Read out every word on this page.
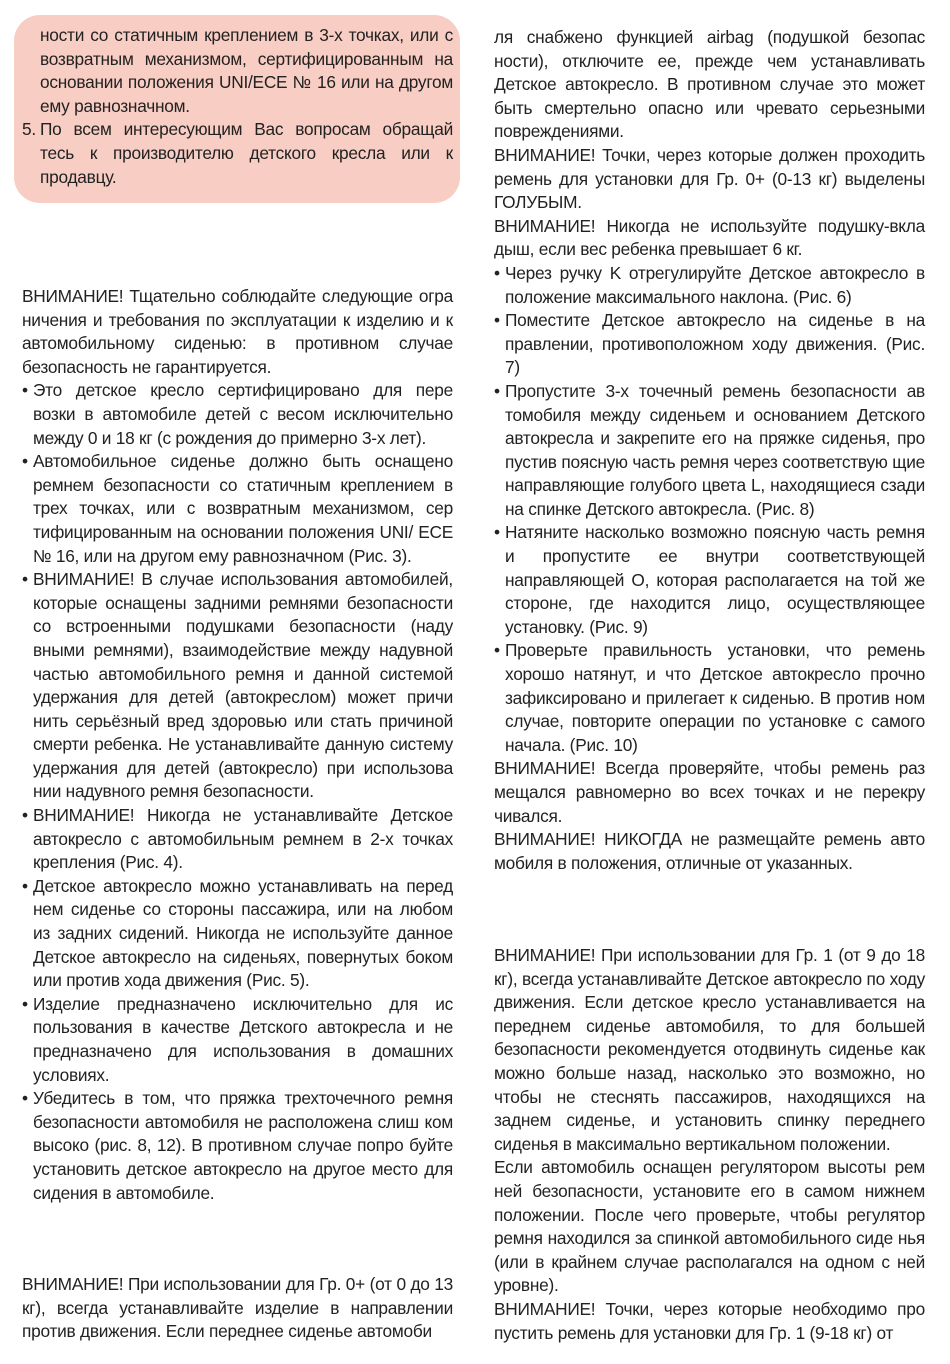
ности со статичным креплением в 3-х точках, или с возвратным механизмом, сертифицированным на основании положения UNI/ECE № 16 или на другом ему равнозначном.

5. По всем интересующим Вас вопросам обращай тесь к производителю детского кресла или к продавцу.

ВНИМАНИЕ! Тщательно соблюдайте следующие огра ничения и требования по эксплуатации к изделию и к автомобильному сиденью: в противном случае безопасность не гарантируется.

• Это детское кресло сертифицировано для пере возки в автомобиле детей с весом исключительно между 0 и 18 кг (с рождения до примерно 3-х лет).

• Автомобильное сиденье должно быть оснащено ремнем безопасности со статичным креплением в трех точках, или с возвратным механизмом, сер тифицированным на основании положения UNI/ ECE № 16, или на другом ему равнозначном (Рис. 3).

• ВНИМАНИЕ! В случае использования автомобилей, которые оснащены задними ремнями безопасности со встроенными подушками безопасности (наду вными ремнями), взаимодействие между надувной частью автомобильного ремня и данной системой удержания для детей (автокреслом) может причи нить серьёзный вред здоровью или стать причиной смерти ребенка. Не устанавливайте данную систему удержания для детей (автокресло) при использова нии надувного ремня безопасности.

• ВНИМАНИЕ! Никогда не устанавливайте Детское автокресло с автомобильным ремнем в 2-х точках крепления (Рис. 4).

• Детское автокресло можно устанавливать на перед нем сиденье со стороны пассажира, или на любом из задних сидений. Никогда не используйте данное Детское автокресло на сиденьях, повернутых боком или против хода движения (Рис. 5).

• Изделие предназначено исключительно для ис пользования в качестве Детского автокресла и не предназначено для использования в домашних условиях.

• Убедитесь в том, что пряжка трехточечного ремня безопасности автомобиля не расположена слиш ком высоко (рис. 8, 12). В противном случае попро буйте установить детское автокресло на другое место для сидения в автомобиле.

ВНИМАНИЕ! При использовании для Гр. 0+ (от 0 до 13 кг), всегда устанавливайте изделие в направлении против движения. Если переднее сиденье автомоби

ля снабжено функцией airbag (подушкой безопас ности), отключите ее, прежде чем устанавливать Детское автокресло. В противном случае это может быть смертельно опасно или чревато серьезными повреждениями.

ВНИМАНИЕ! Точки, через которые должен проходить ремень для установки для Гр. 0+ (0-13 кг) выделены ГОЛУБЫМ.

ВНИМАНИЕ! Никогда не используйте подушку-вкла дыш, если вес ребенка превышает 6 кг.

• Через ручку K отрегулируйте Детское автокресло в положение максимального наклона. (Рис. 6)

• Поместите Детское автокресло на сиденье в на правлении, противоположном ходу движения. (Рис. 7)

• Пропустите 3-х точечный ремень безопасности ав томобиля между сиденьем и основанием Детского автокресла и закрепите его на пряжке сиденья, про пустив поясную часть ремня через соответствую щие направляющие голубого цвета L, находящиеся сзади на спинке Детского автокресла. (Рис. 8)

• Натяните насколько возможно поясную часть ремня и пропустите ее внутри соответствующей направляющей O, которая располагается на той же стороне, где находится лицо, осуществляющее установку. (Рис. 9)

• Проверьте правильность установки, что ремень хорошо натянут, и что Детское автокресло прочно зафиксировано и прилегает к сиденью. В против ном случае, повторите операции по установке с самого начала. (Рис. 10)

ВНИМАНИЕ! Всегда проверяйте, чтобы ремень раз мещался равномерно во всех точках и не перекру чивался.

ВНИМАНИЕ! НИКОГДА не размещайте ремень авто мобиля в положения, отличные от указанных.

ВНИМАНИЕ! При использовании для Гр. 1 (от 9 до 18 кг), всегда устанавливайте Детское автокресло по ходу движения. Если детское кресло устанавливается на переднем сиденье автомобиля, то для большей безопасности рекомендуется отодвинуть сиденье как можно больше назад, насколько это возможно, но чтобы не стеснять пассажиров, находящихся на заднем сиденье, и установить спинку переднего сиденья в максимально вертикальном положении.

Если автомобиль оснащен регулятором высоты рем ней безопасности, установите его в самом нижнем положении. После чего проверьте, чтобы регулятор ремня находился за спинкой автомобильного сиде нья (или в крайнем случае располагался на одном с ней уровне).

ВНИМАНИЕ! Точки, через которые необходимо про пустить ремень для установки для Гр. 1 (9-18 кг) от
